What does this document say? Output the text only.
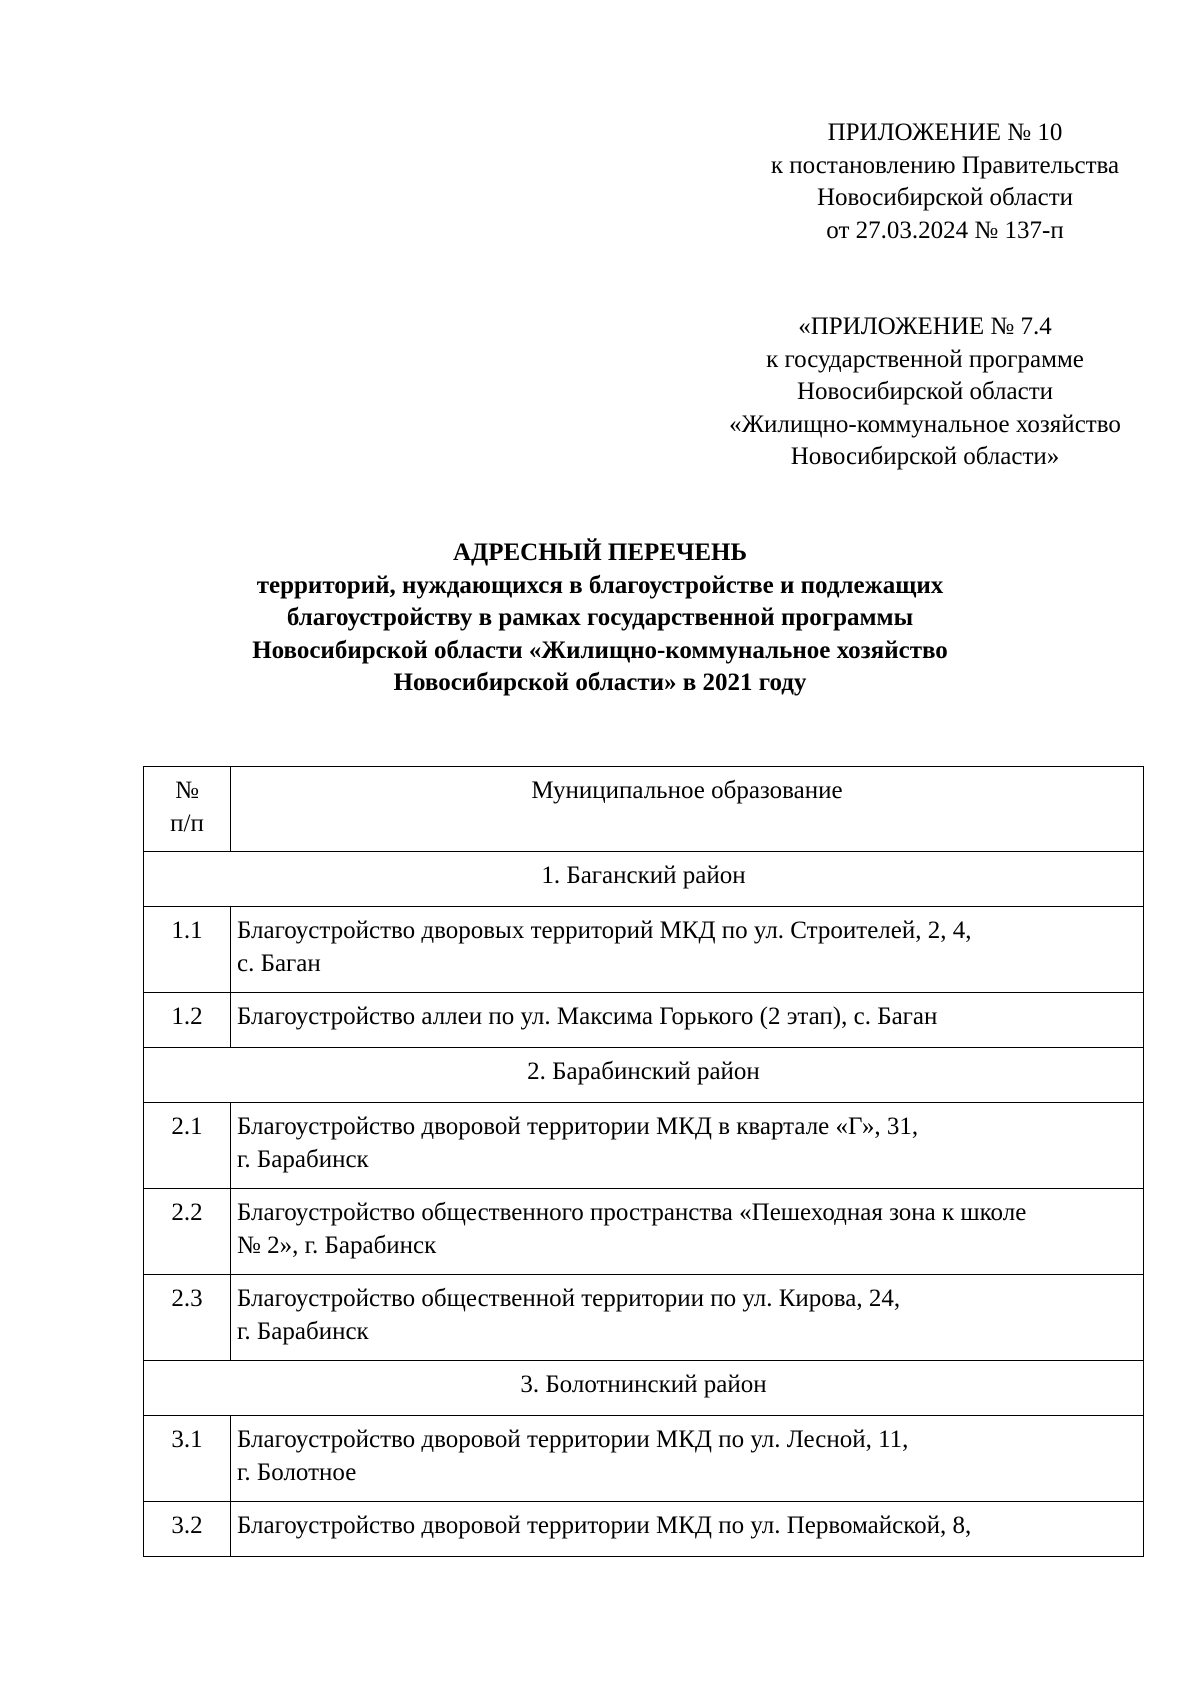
ПРИЛОЖЕНИЕ № 10
к постановлению Правительства
Новосибирской области
от 27.03.2024 № 137-п
«ПРИЛОЖЕНИЕ № 7.4
к государственной программе
Новосибирской области
«Жилищно-коммунальное хозяйство
Новосибирской области»
АДРЕСНЫЙ ПЕРЕЧЕНЬ
территорий, нуждающихся в благоустройстве и подлежащих
благоустройству в рамках государственной программы
Новосибирской области «Жилищно-коммунальное хозяйство
Новосибирской области» в 2021 году
№
п/п	Муниципальное образование
1. Баганский район	
1.1	Благоустройство дворовых территорий МКД по ул. Строителей, 2, 4,
с. Баган

1.2	Благоустройство аллеи по ул. Максима Горького (2 этап), с. Баган

2. Барабинский район	
2.1	Благоустройство дворовой территории МКД в квартале «Г», 31,
г. Барабинск

2.2	Благоустройство общественного пространства «Пешеходная зона к школе
№ 2», г. Барабинск

2.3	Благоустройство общественной территории по ул. Кирова, 24,
г. Барабинск

3. Болотнинский район	
3.1	Благоустройство дворовой территории МКД по ул. Лесной, 11,
г. Болотное

3.2	Благоустройство дворовой территории МКД по ул. Первомайской, 8,
